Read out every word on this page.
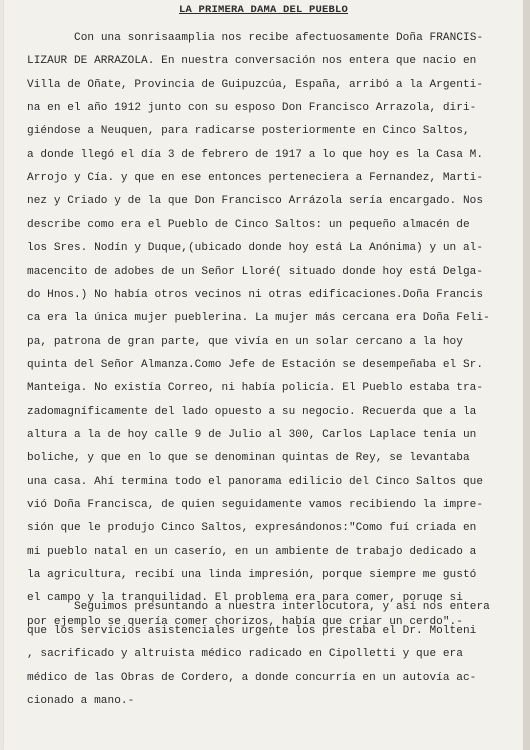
LA PRIMERA DAMA DEL PUEBLO
Con una sonrisaamplia nos recibe afectuosamente Doña FRANCIS-
LIZAUR DE ARRAZOLA. En nuestra conversación nos entera que nacio en
Villa de Oñate, Provincia de Guipuzcúa, España, arribó a la Argenti-
na en el año 1912 junto con su esposo Don Francisco Arrazola, diri-
giéndose a Neuquen, para radicarse posteriormente en Cinco Saltos,
a donde llegó el día 3 de febrero de 1917 a lo que hoy es la Casa M.
Arrojo y Cía. y que en ese entonces perteneciera a Fernandez, Marti-
nez y Criado y de la que Don Francisco Arrázola sería encargado. Nos
describe como era el Pueblo de Cinco Saltos: un pequeño almacén de
los Sres. Nodín y Duque,(ubicado donde hoy está La Anónima) y un al-
macencito de adobes de un Señor Lloré( situado donde hoy está Delga-
do Hnos.) No había otros vecinos ni otras edificaciones.Doña Francis
ca era la única mujer pueblerina. La mujer más cercana era Doña Feli-
pa, patrona de gran parte, que vivía en un solar cercano a la hoy
quinta del Señor Almanza.Como Jefe de Estación se desempeñaba el Sr.
Manteiga. No existía Correo, ni había policía. El Pueblo estaba tra-
zadomagníficamente del lado opuesto a su negocio. Recuerda que a la
altura a la de hoy calle 9 de Julio al 300, Carlos Laplace tenía un
boliche, y que en lo que se denominan quintas de Rey, se levantaba
una casa. Ahí termina todo el panorama edilicio del Cinco Saltos que
vió Doña Francisca, de quien seguidamente vamos recibiendo la impre-
sión que le produjo Cinco Saltos, expresándonos:"Como fuí criada en
mi pueblo natal en un caserío, en un ambiente de trabajo dedicado a
la agricultura, recibí una linda impresión, porque siempre me gustó
el campo y la tranquilidad. El problema era para comer, poruqe si
por ejemplo se quería comer chorizos, había que criar un cerdo".-
Seguimos presuntando a nuestra interlocutora, y así nos entera
que los servicios asistenciales urgente los prestaba el Dr. Molteni
, sacrificado y altruista médico radicado en Cipolletti y que era
médico de las Obras de Cordero, a donde concurría en un autovía ac-
cionado a mano.-
